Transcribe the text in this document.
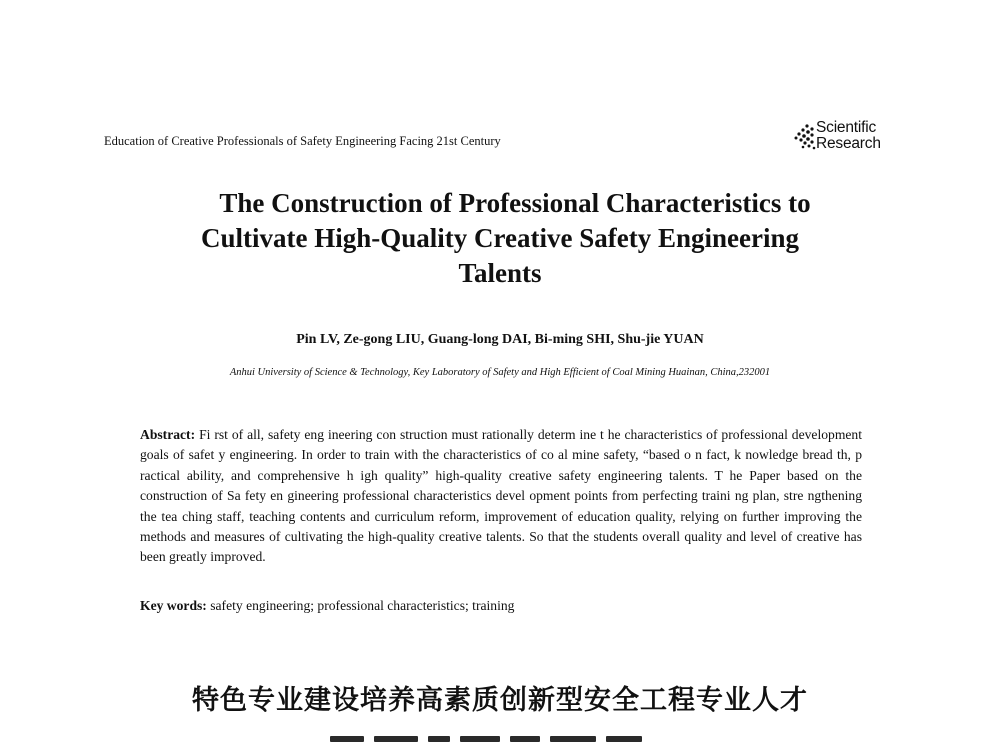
Education of Creative Professionals of Safety Engineering Facing 21st Century
Scientific
Research
The Construction of Professional Characteristics to
Cultivate High-Quality Creative Safety Engineering
Talents
Pin LV, Ze-gong LIU, Guang-long DAI, Bi-ming SHI, Shu-jie YUAN
Anhui University of Science & Technology, Key Laboratory of Safety and High Efficient of Coal Mining Huainan, China,232001
Abstract: Fi rst of all, safety eng ineering con struction must rationally determ ine t he characteristics of professional development goals of safet y engineering. In order to train with the characteristics of co al mine safety, “based o n fact, k nowledge bread th, p ractical ability, and comprehensive h igh quality” high-quality creative safety engineering talents. T he Paper based on the construction of Sa fety en gineering professional characteristics devel opment points from perfecting traini ng plan, stre ngthening the tea ching staff, teaching contents and curriculum reform, improvement of education quality, relying on further improving the methods and measures of cultivating the high-quality creative talents. So that the students overall quality and level of creative has been greatly improved.
Key words: safety engineering; professional characteristics; training
特色专业建设培养高素质创新型安全工程专业人才
